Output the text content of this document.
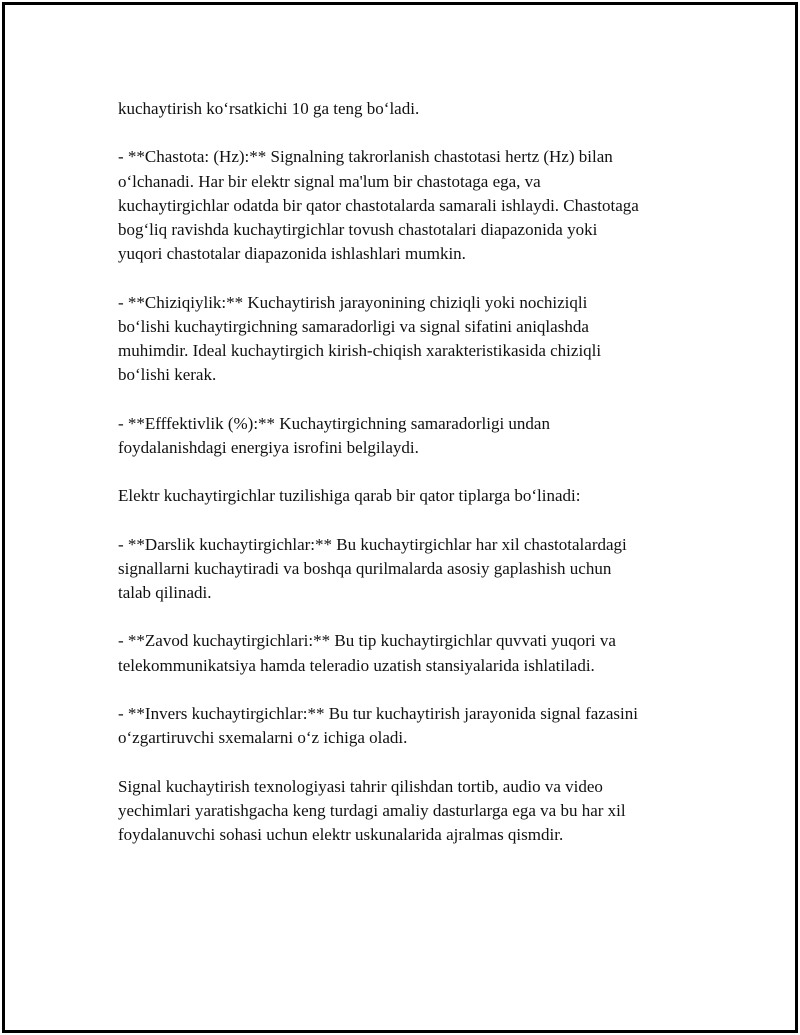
kuchaytirish ko‘rsatkichi 10 ga teng bo‘ladi.

- **Chastota: (Hz):** Signalning takrorlanish chastotasi hertz (Hz) bilan
o‘lchanadi. Har bir elektr signal ma'lum bir chastotaga ega, va
kuchaytirgichlar odatda bir qator chastotalarda samarali ishlaydi. Chastotaga
bog‘liq ravishda kuchaytirgichlar tovush chastotalari diapazonida yoki
yuqori chastotalar diapazonida ishlashlari mumkin.

- **Chiziqiylik:** Kuchaytirish jarayonining chiziqli yoki nochiziqli
bo‘lishi kuchaytirgichning samaradorligi va signal sifatini aniqlashda
muhimdir. Ideal kuchaytirgich kirish-chiqish xarakteristikasida chiziqli
bo‘lishi kerak.

- **Efffektivlik (%):** Kuchaytirgichning samaradorligi undan
foydalanishdagi energiya isrofini belgilaydi.

Elektr kuchaytirgichlar tuzilishiga qarab bir qator tiplarga bo‘linadi:

- **Darslik kuchaytirgichlar:** Bu kuchaytirgichlar har xil chastotalardagi
signallarni kuchaytiradi va boshqa qurilmalarda asosiy gaplashish uchun
talab qilinadi.

- **Zavod kuchaytirgichlari:** Bu tip kuchaytirgichlar quvvati yuqori va
telekommunikatsiya hamda teleradio uzatish stansiyalarida ishlatiladi.

- **Invers kuchaytirgichlar:** Bu tur kuchaytirish jarayonida signal fazasini
o‘zgartiruvchi sxemalarni o‘z ichiga oladi.

Signal kuchaytirish texnologiyasi tahrir qilishdan tortib, audio va video
yechimlari yaratishgacha keng turdagi amaliy dasturlarga ega va bu har xil
foydalanuvchi sohasi uchun elektr uskunalarida ajralmas qismdir.
